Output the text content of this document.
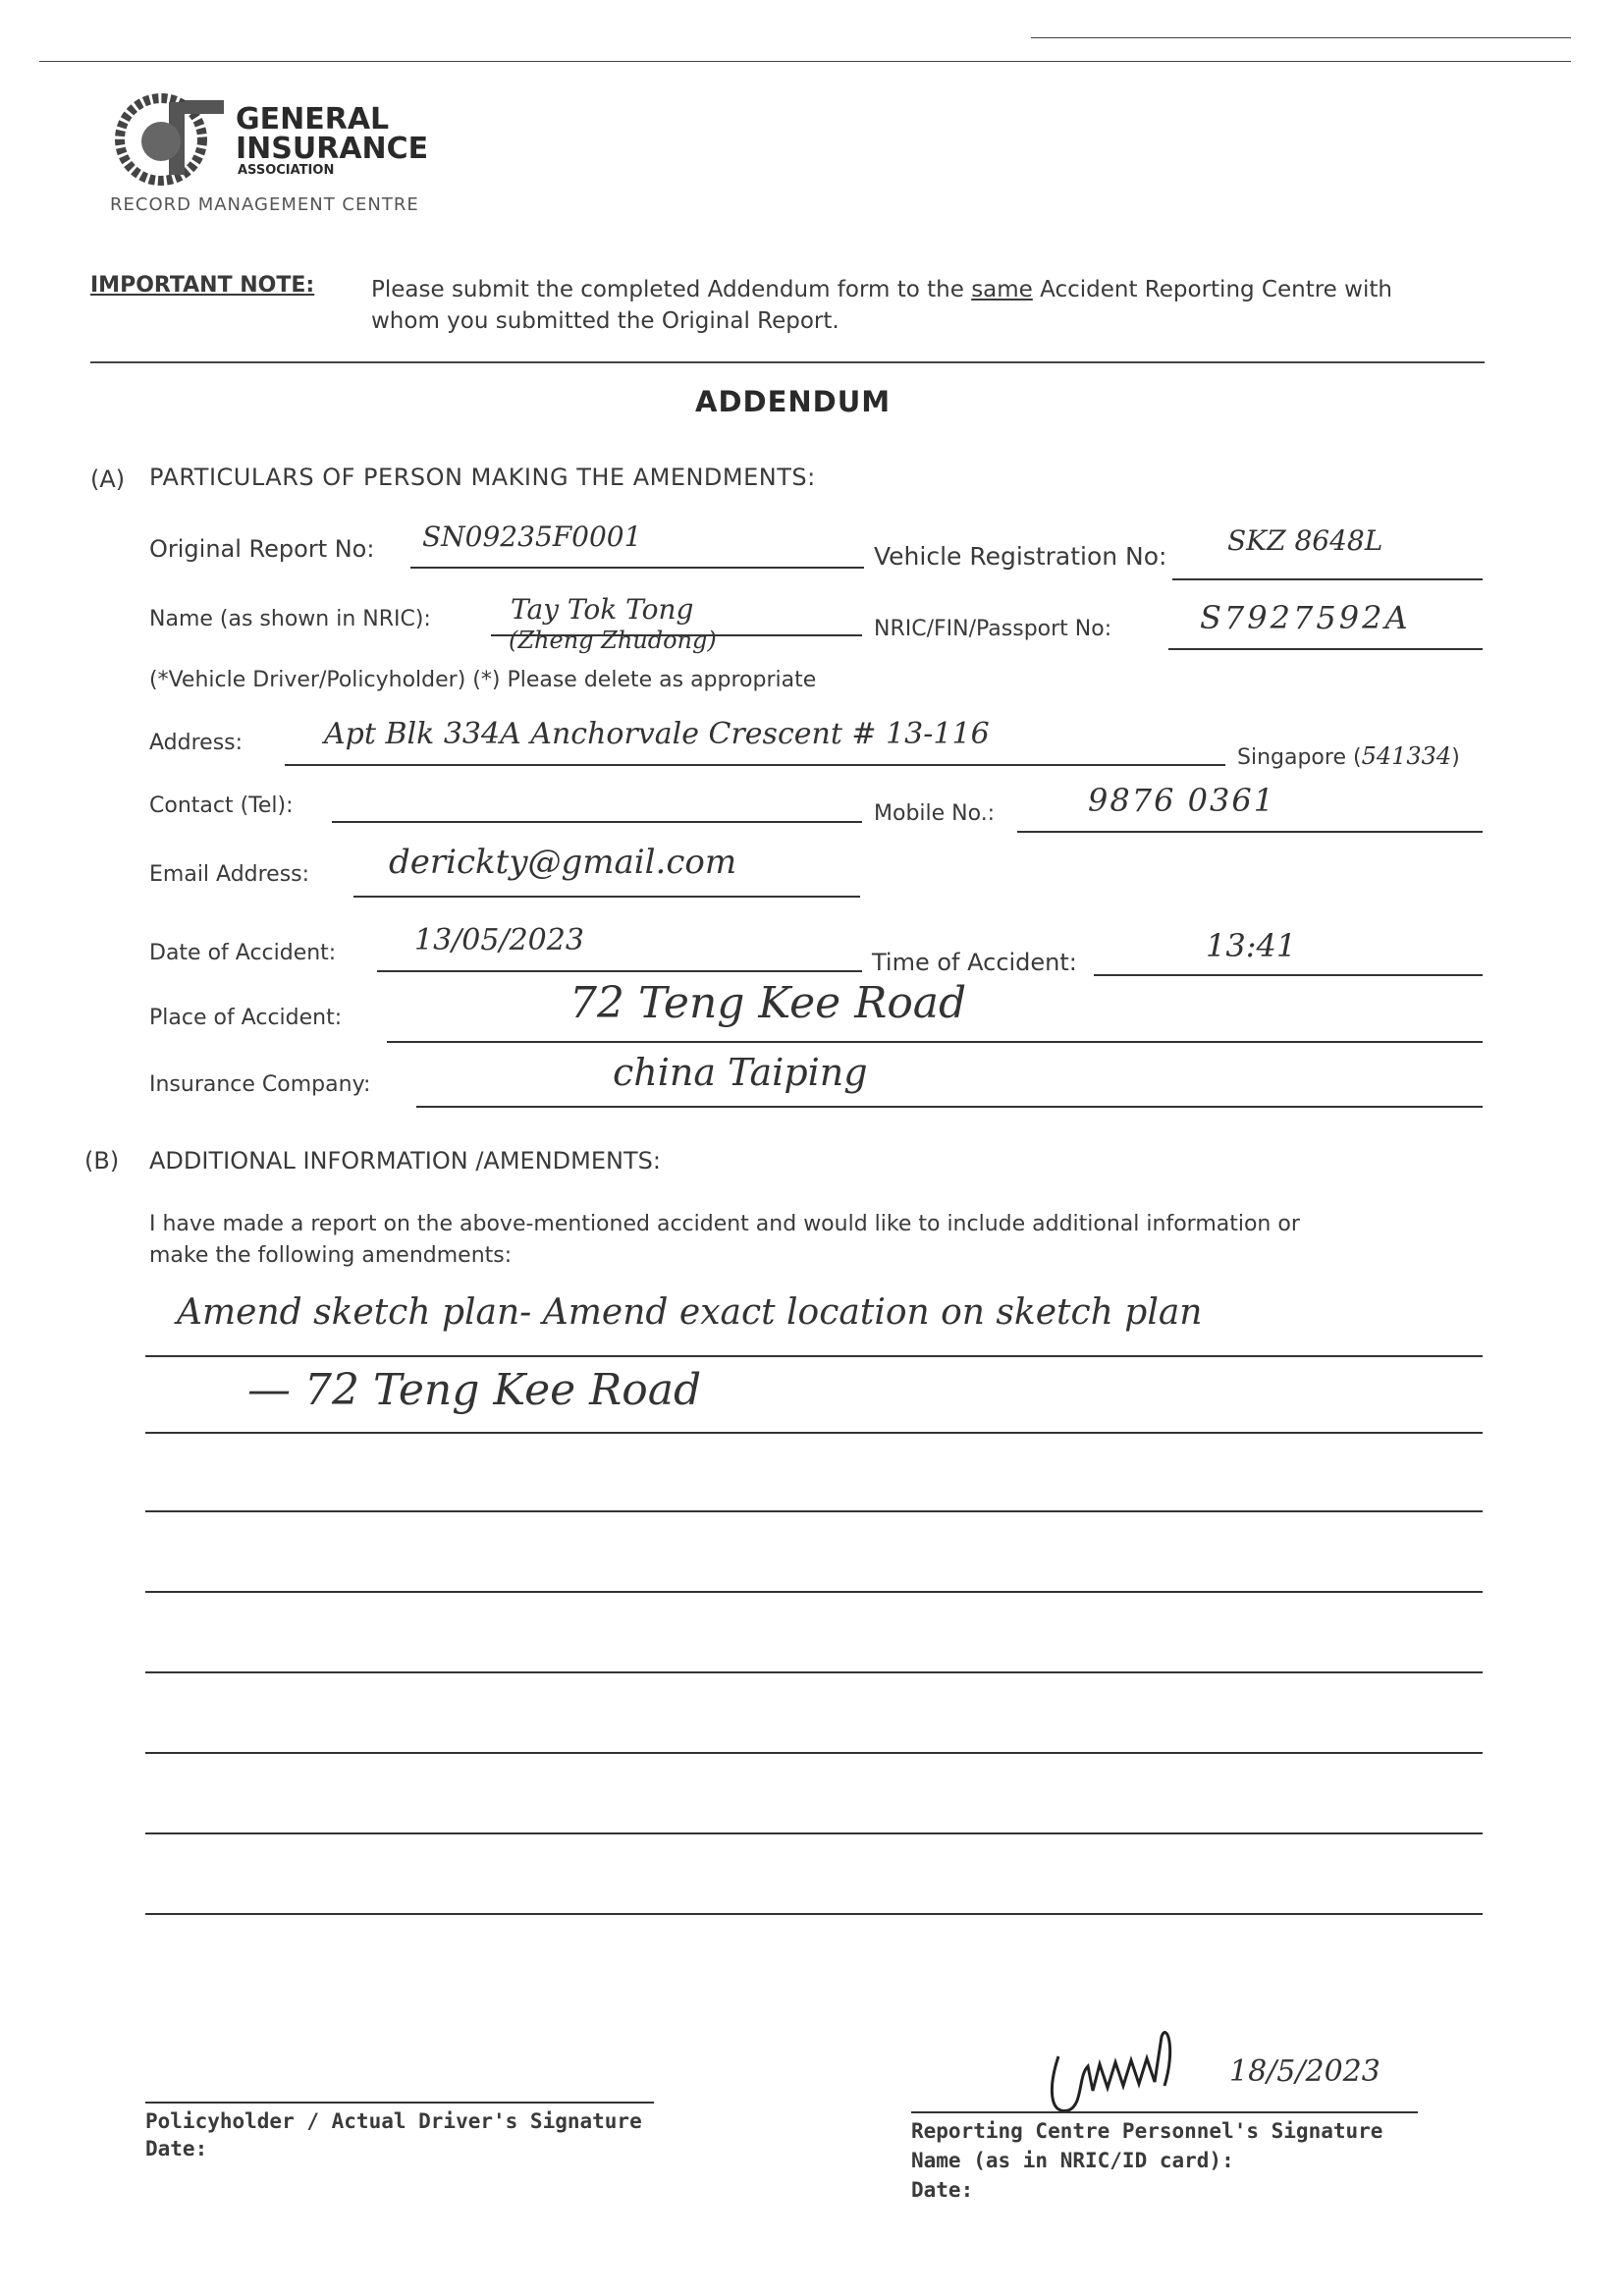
GENERAL
INSURANCE
ASSOCIATION
RECORD MANAGEMENT CENTRE
IMPORTANT NOTE:	Please submit the completed Addendum form to the same Accident Reporting Centre with
whom you submitted the Original Report.
ADDENDUM
(A) PARTICULARS OF PERSON MAKING THE AMENDMENTS:
Original Report No: SN09235F0001
Vehicle Registration No: SKZ 8648L
Name (as shown in NRIC):	Tay Tok Tong
(Zheng Zhudong)	NRIC/FIN/Passport No:	S7927592A
(*Vehicle Driver/Policyholder) (*) Please delete as appropriate
Address:	Apt Blk 334A Anchorvale Crescent # 13-116
Singapore (541334)
Contact (Tel):	Mobile No.:	9876 0361
Email Address: derickty@gmail.com
Date of Accident:	13/05/2023
Time of Accident:	13:41
Place of Accident:	72 Teng Kee Road
Insurance Company:	china Taiping
(B) ADDITIONAL INFORMATION /AMENDMENTS:
I have made a report on the above-mentioned accident and would like to include additional information or
make the following amendments:
Amend sketch plan- Amend exact location on sketch plan
— 72 Teng Kee Road
Policyholder / Actual Driver's Signature
Date:
18/5/2023
Reporting Centre Personnel's Signature
Name (as in NRIC/ID card):
Date:
